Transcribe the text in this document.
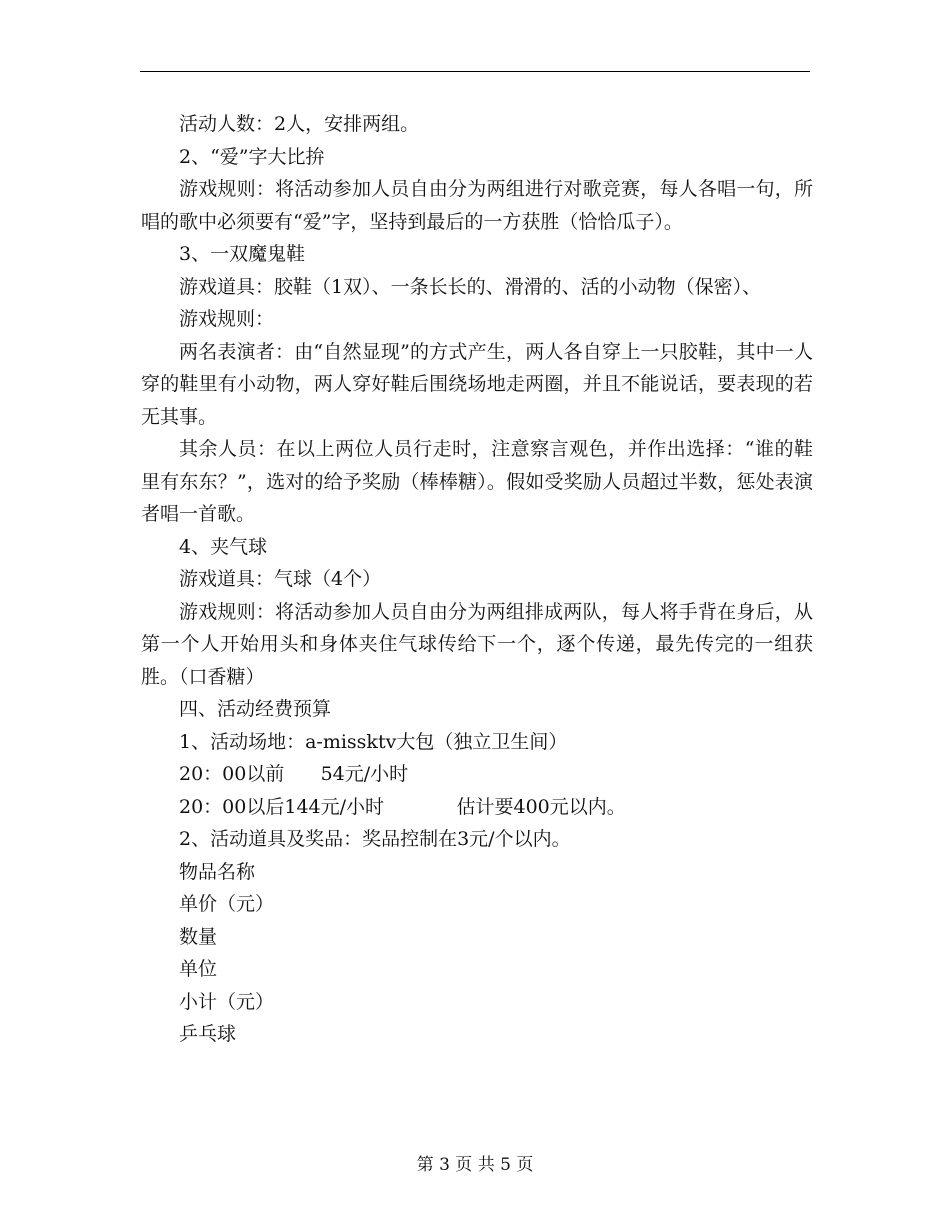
活动人数：2人，安排两组。

2、“爱”字大比拚

游戏规则：将活动参加人员自由分为两组进行对歌竞赛，每人各唱一句，所唱的歌中必须要有“爱”字，坚持到最后的一方获胜（恰恰瓜子）。

3、一双魔鬼鞋

游戏道具：胶鞋（1双）、一条长长的、滑滑的、活的小动物（保密）、

游戏规则：

两名表演者：由“自然显现”的方式产生，两人各自穿上一只胶鞋，其中一人穿的鞋里有小动物，两人穿好鞋后围绕场地走两圈，并且不能说话，要表现的若无其事。

其余人员：在以上两位人员行走时，注意察言观色，并作出选择：“谁的鞋里有东东？”，选对的给予奖励（棒棒糖）。假如受奖励人员超过半数，惩处表演者唱一首歌。

4、夹气球

游戏道具：气球（4个）

游戏规则：将活动参加人员自由分为两组排成两队，每人将手背在身后，从第一个人开始用头和身体夹住气球传给下一个，逐个传递，最先传完的一组获胜。（口香糖）

四、活动经费预算

1、活动场地：a-missktv大包（独立卫生间）

20：00以前      54元/小时

20：00以后144元/小时            估计要400元以内。

2、活动道具及奖品：奖品控制在3元/个以内。

物品名称

单价（元）

数量

单位

小计（元）

乒乓球

第 3 页 共 5 页
